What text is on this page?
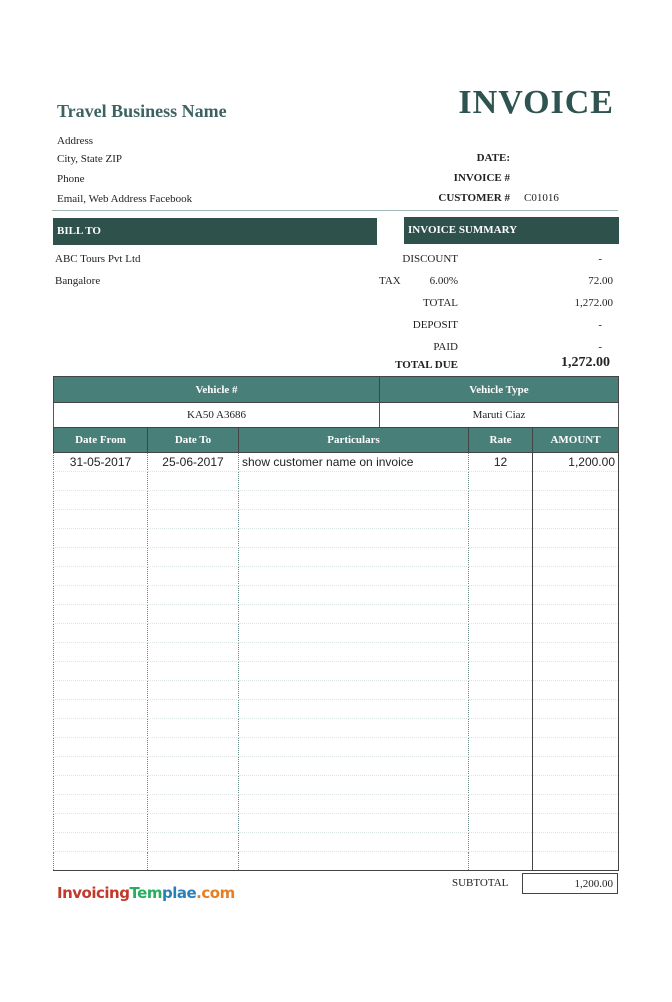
Travel Business Name	INVOICE
Address
City, State ZIP
Phone
Email, Web Address Facebook
DATE:
INVOICE #
CUSTOMER # C01016
BILL TO	INVOICE SUMMARY
ABC Tours Pvt Ltd
Bangalore
DISCOUNT	-
TAX	6.00%	72.00
TOTAL	1,272.00
DEPOSIT	-
PAID	-
TOTAL DUE	1,272.00
Vehicle #	Vehicle Type
KA50 A3686	Maruti Ciaz
Date From	Date To	Particulars	Rate	AMOUNT
31-05-2017	25-06-2017	show customer name on invoice	12	1,200.00

InvoicingTemplae.com
SUBTOTAL	1,200.00
